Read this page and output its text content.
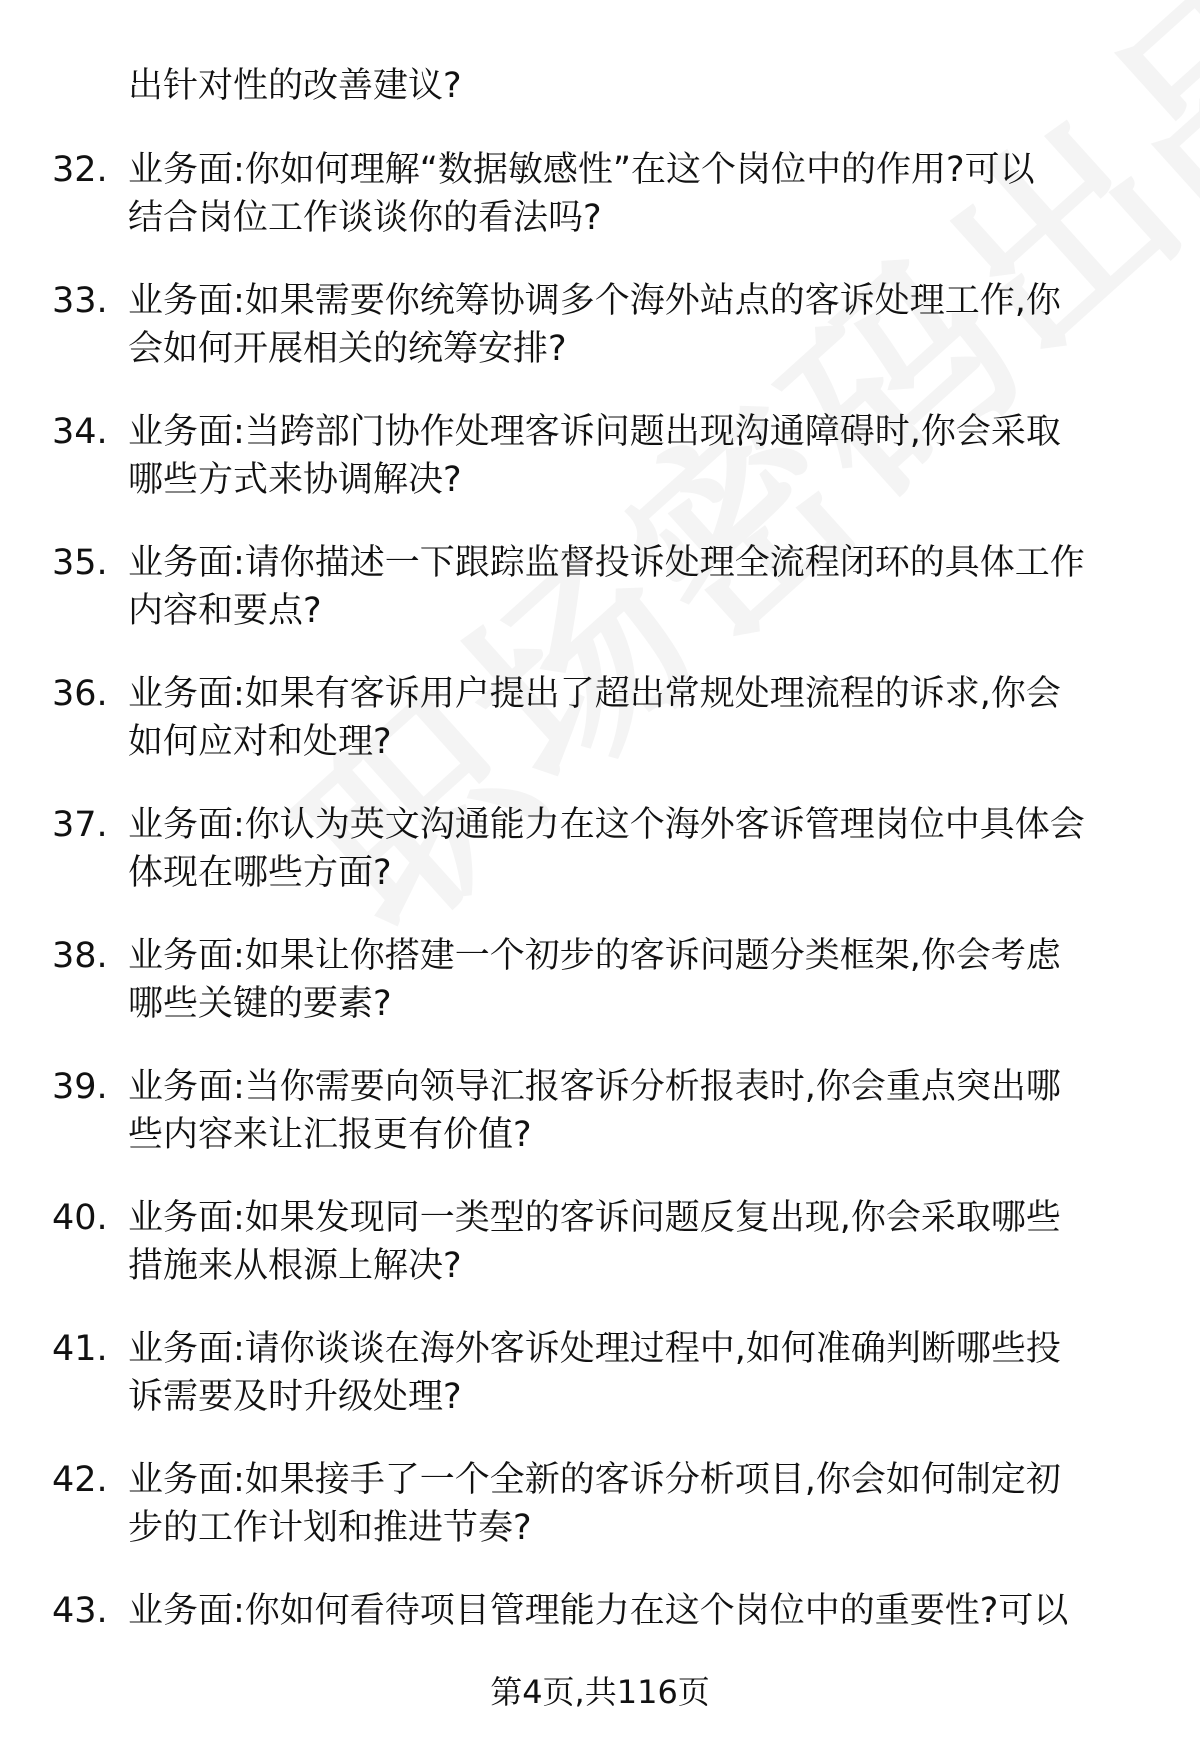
出针对性的改善建议?
32. 业务面:你如何理解“数据敏感性”在这个岗位中的作用?可以
结合岗位工作谈谈你的看法吗?
33. 业务面:如果需要你统筹协调多个海外站点的客诉处理工作,你
会如何开展相关的统筹安排?
34. 业务面:当跨部门协作处理客诉问题出现沟通障碍时,你会采取
哪些方式来协调解决?
35. 业务面:请你描述一下跟踪监督投诉处理全流程闭环的具体工作
内容和要点?
36. 业务面:如果有客诉用户提出了超出常规处理流程的诉求,你会
如何应对和处理?
37. 业务面:你认为英文沟通能力在这个海外客诉管理岗位中具体会
体现在哪些方面?
38. 业务面:如果让你搭建一个初步的客诉问题分类框架,你会考虑
哪些关键的要素?
39. 业务面:当你需要向领导汇报客诉分析报表时,你会重点突出哪
些内容来让汇报更有价值?
40. 业务面:如果发现同一类型的客诉问题反复出现,你会采取哪些
措施来从根源上解决?
41. 业务面:请你谈谈在海外客诉处理过程中,如何准确判断哪些投
诉需要及时升级处理?
42. 业务面:如果接手了一个全新的客诉分析项目,你会如何制定初
步的工作计划和推进节奏?
43. 业务面:你如何看待项目管理能力在这个岗位中的重要性?可以
第4页,共116页
